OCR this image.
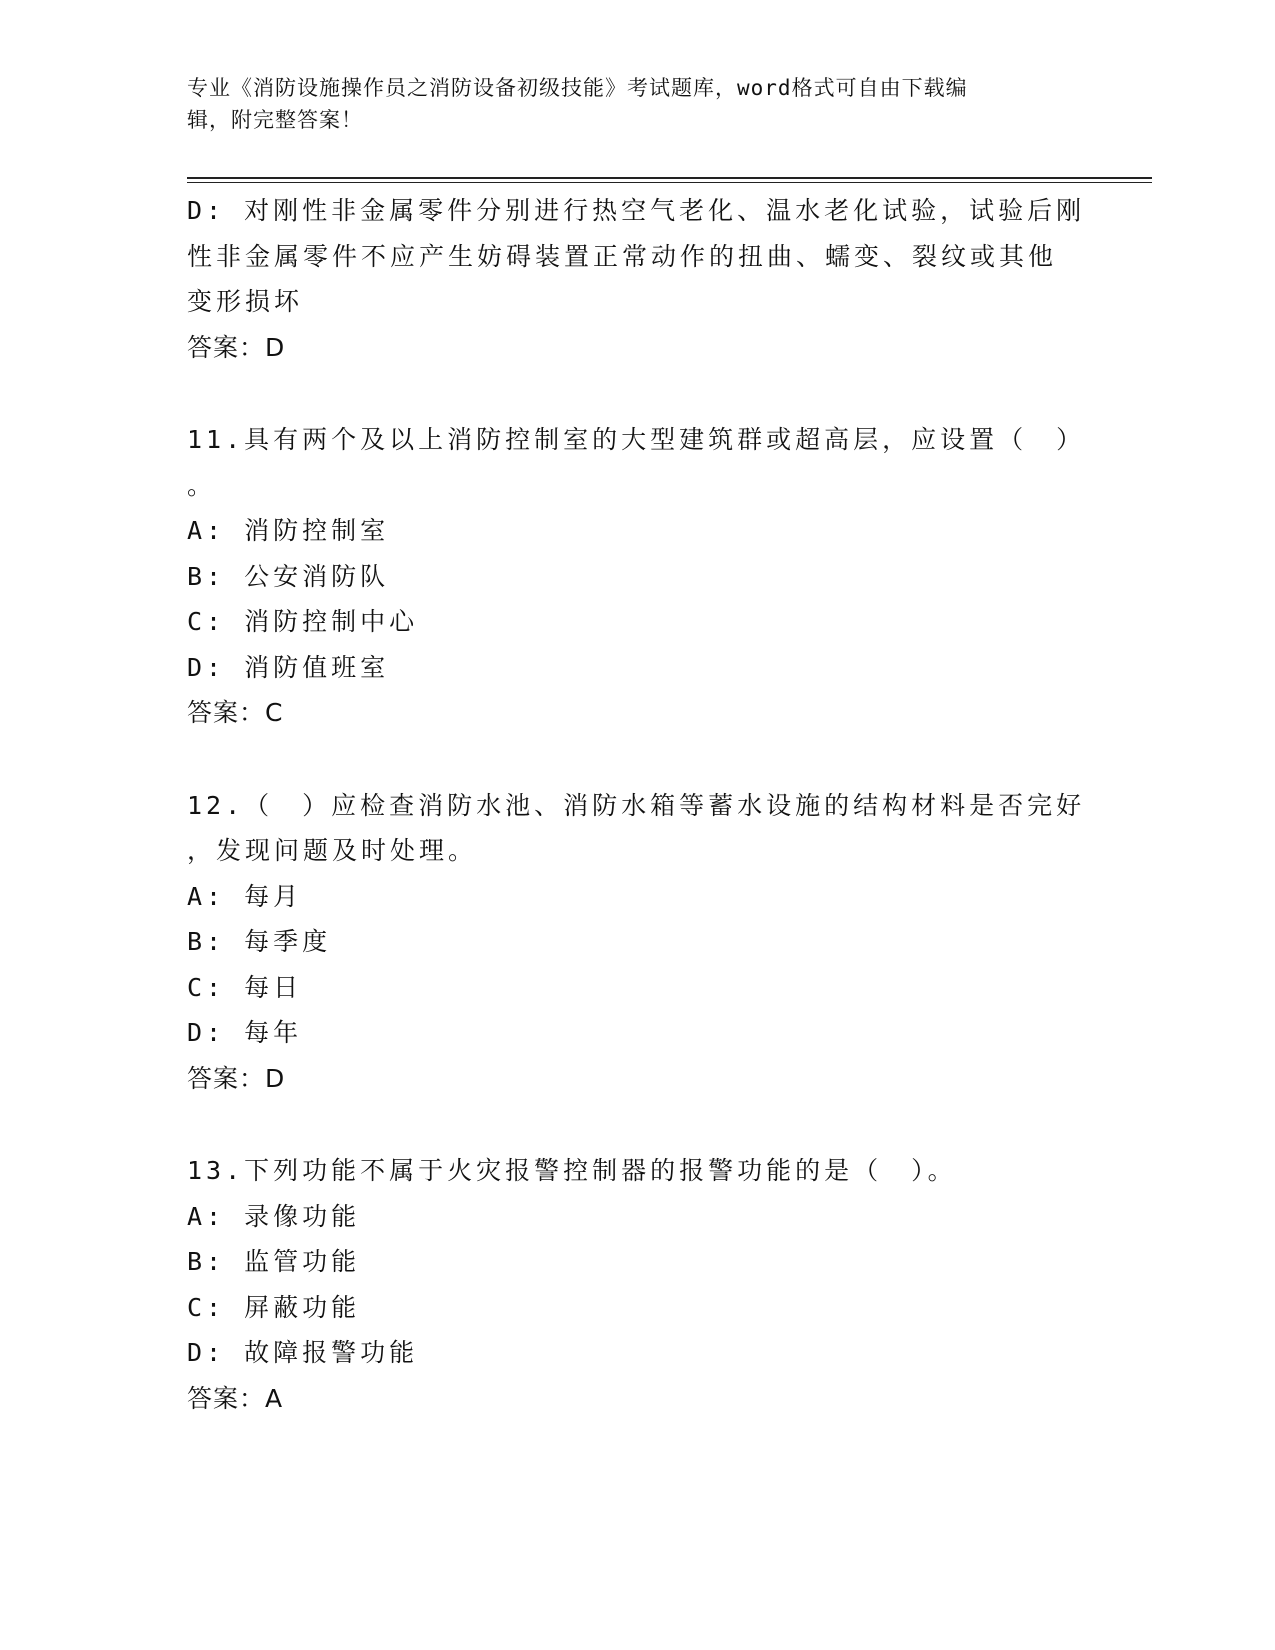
专业《消防设施操作员之消防设备初级技能》考试题库，word格式可自由下载编
辑，附完整答案！
D: 对刚性非金属零件分别进行热空气老化、温水老化试验，试验后刚
性非金属零件不应产生妨碍装置正常动作的扭曲、蠕变、裂纹或其他
变形损坏
答案：D
11.具有两个及以上消防控制室的大型建筑群或超高层，应设置（　）
。
A: 消防控制室
B: 公安消防队
C: 消防控制中心
D: 消防值班室
答案：C
12.（　）应检查消防水池、消防水箱等蓄水设施的结构材料是否完好
，发现问题及时处理。
A: 每月
B: 每季度
C: 每日
D: 每年
答案：D
13.下列功能不属于火灾报警控制器的报警功能的是（　）。
A: 录像功能
B: 监管功能
C: 屏蔽功能
D: 故障报警功能
答案：A
